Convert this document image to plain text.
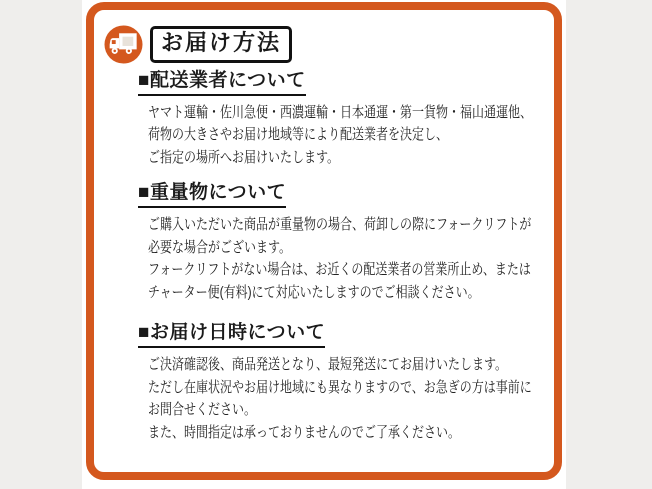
お届け方法
■配送業者について
ヤマト運輸・佐川急便・西濃運輸・日本通運・第一貨物・福山通運他、
荷物の大きさやお届け地域等により配送業者を決定し、
ご指定の場所へお届けいたします。
■重量物について
ご購入いただいた商品が重量物の場合、荷卸しの際にフォークリフトが
必要な場合がございます。
フォークリフトがない場合は、お近くの配送業者の営業所止め、または
チャーター便(有料)にて対応いたしますのでご相談ください。
■お届け日時について
ご決済確認後、商品発送となり、最短発送にてお届けいたします。
ただし在庫状況やお届け地域にも異なりますので、お急ぎの方は事前に
お問合せください。
また、時間指定は承っておりませんのでご了承ください。
